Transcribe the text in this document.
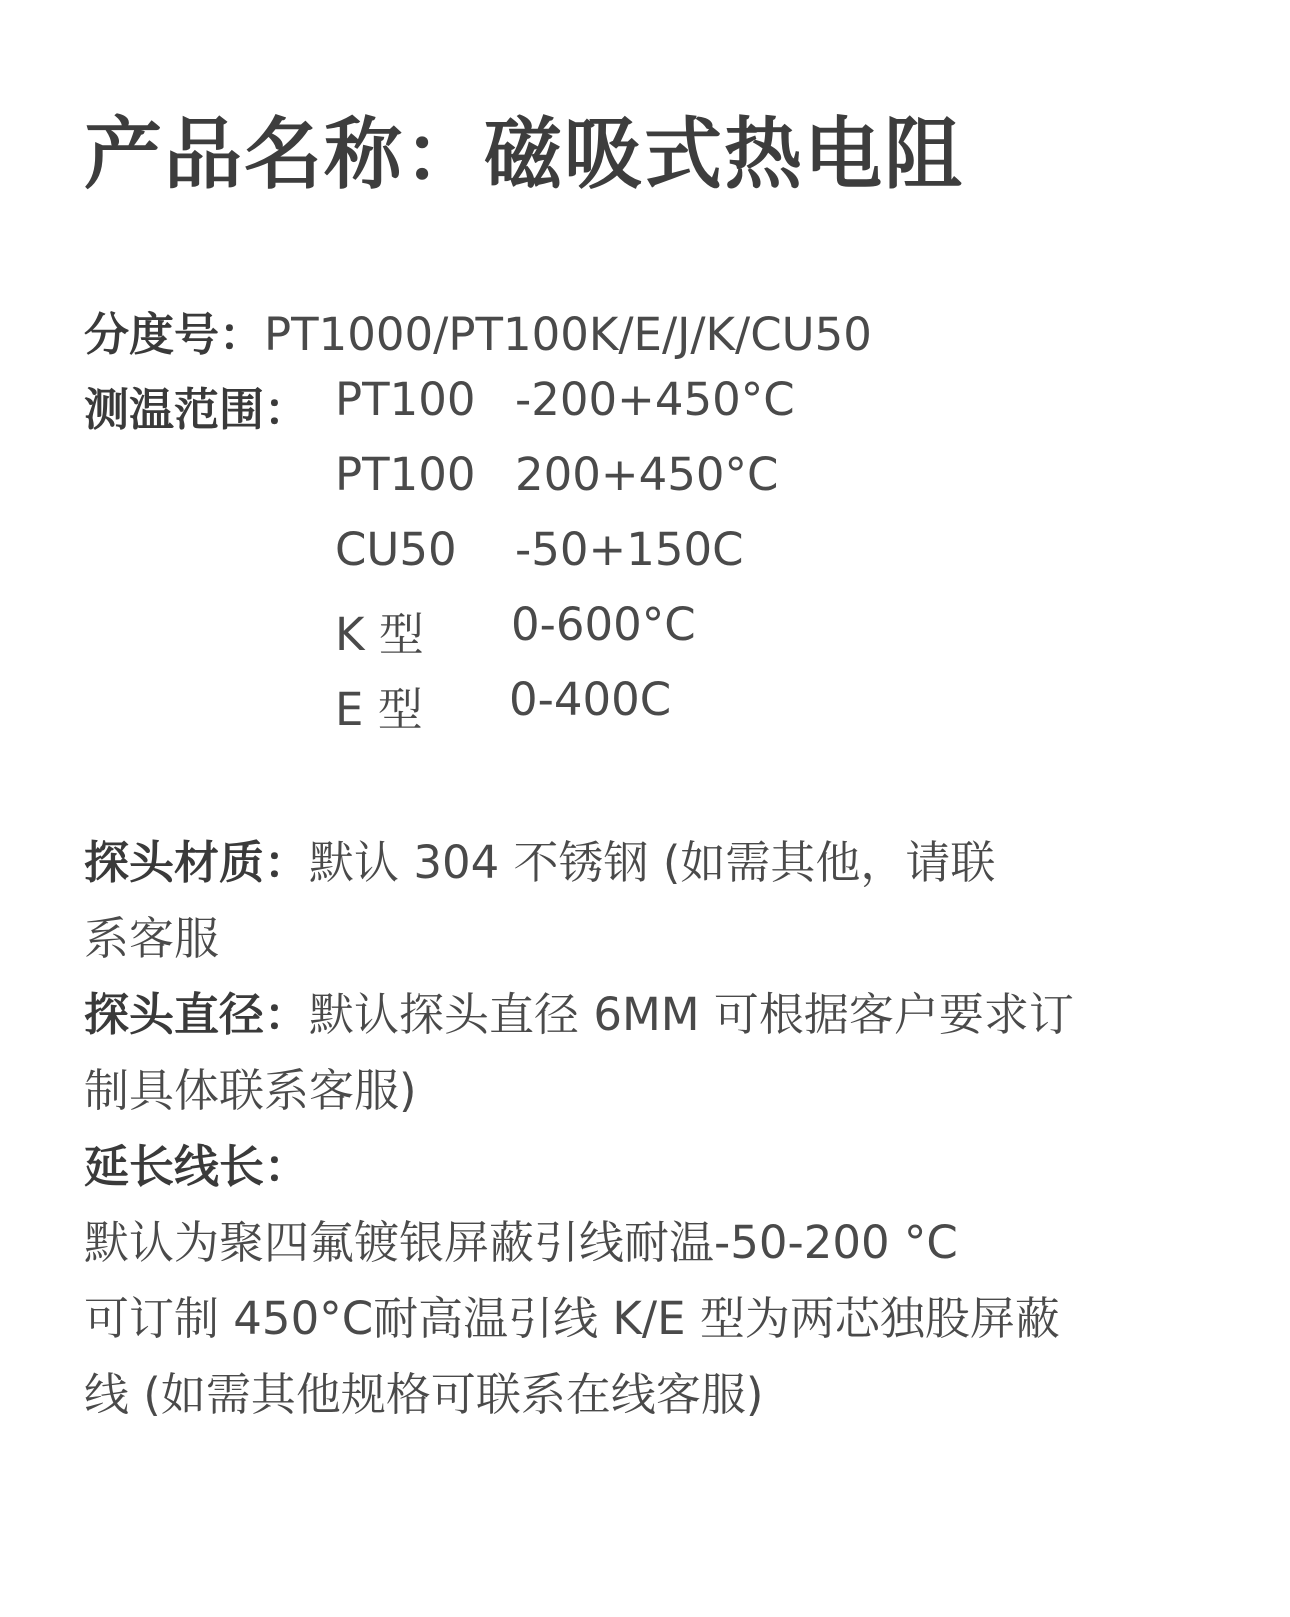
产品名称：磁吸式热电阻
分度号：PT1000/PT100K/E/J/K/CU50
测温范围： PT100 -200+450°C
PT100 200+450°C
CU50 -50+150C
K 型 0-600°C
E 型 0-400C
探头材质：默认 304 不锈钢 (如需其他，请联
系客服
探头直径：默认探头直径 6MM 可根据客户要求订
制具体联系客服)
延长线长：
默认为聚四氟镀银屏蔽引线耐温-50-200 °C
可订制 450°C耐高温引线 K/E 型为两芯独股屏蔽
线 (如需其他规格可联系在线客服)
